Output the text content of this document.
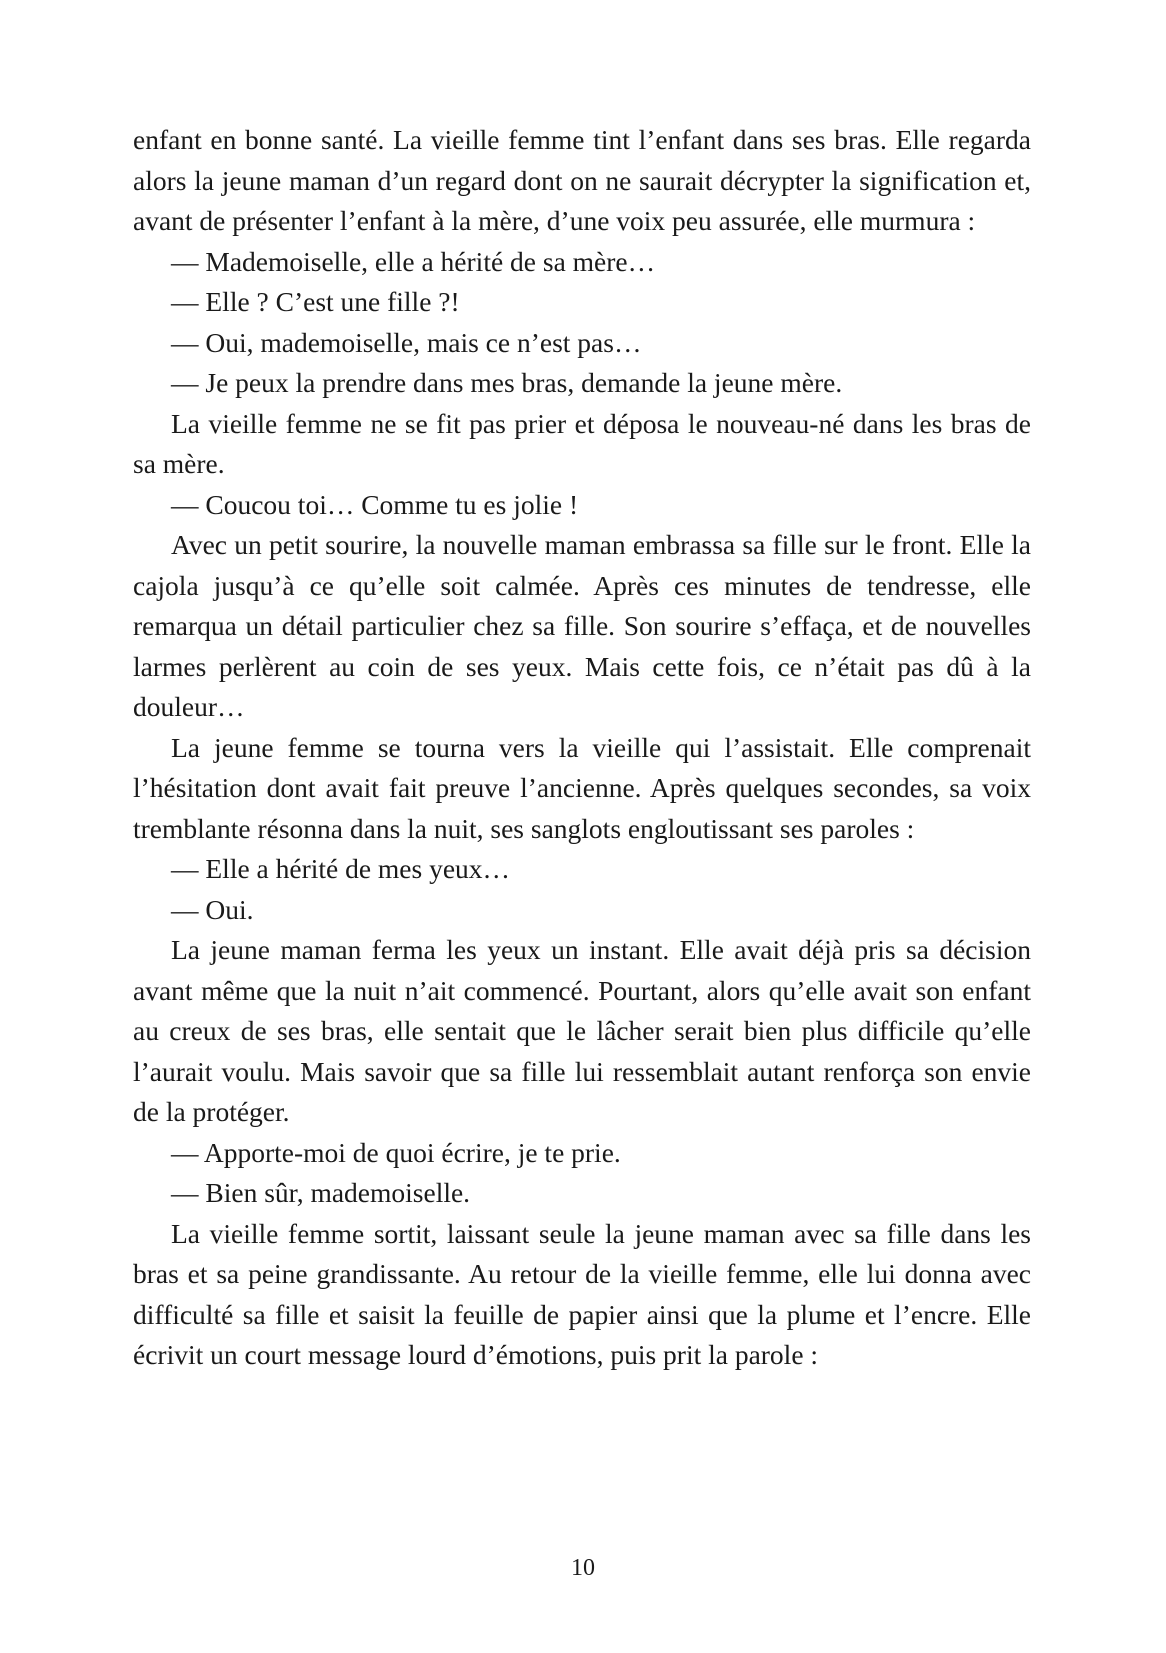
enfant en bonne santé. La vieille femme tint l’enfant dans ses bras. Elle regarda alors la jeune maman d’un regard dont on ne saurait décrypter la signification et, avant de présenter l’enfant à la mère, d’une voix peu assurée, elle murmura :

— Mademoiselle, elle a hérité de sa mère…

— Elle ? C’est une fille ?!

— Oui, mademoiselle, mais ce n’est pas…

— Je peux la prendre dans mes bras, demande la jeune mère.

La vieille femme ne se fit pas prier et déposa le nouveau-né dans les bras de sa mère.

— Coucou toi… Comme tu es jolie !

Avec un petit sourire, la nouvelle maman embrassa sa fille sur le front. Elle la cajola jusqu’à ce qu’elle soit calmée. Après ces minutes de tendresse, elle remarqua un détail particulier chez sa fille. Son sourire s’effaça, et de nouvelles larmes perlèrent au coin de ses yeux. Mais cette fois, ce n’était pas dû à la douleur…

La jeune femme se tourna vers la vieille qui l’assistait. Elle comprenait l’hésitation dont avait fait preuve l’ancienne. Après quelques secondes, sa voix tremblante résonna dans la nuit, ses sanglots engloutissant ses paroles :

— Elle a hérité de mes yeux…

— Oui.

La jeune maman ferma les yeux un instant. Elle avait déjà pris sa décision avant même que la nuit n’ait commencé. Pourtant, alors qu’elle avait son enfant au creux de ses bras, elle sentait que le lâcher serait bien plus difficile qu’elle l’aurait voulu. Mais savoir que sa fille lui ressemblait autant renforça son envie de la protéger.

— Apporte-moi de quoi écrire, je te prie.

— Bien sûr, mademoiselle.

La vieille femme sortit, laissant seule la jeune maman avec sa fille dans les bras et sa peine grandissante. Au retour de la vieille femme, elle lui donna avec difficulté sa fille et saisit la feuille de papier ainsi que la plume et l’encre. Elle écrivit un court message lourd d’émotions, puis prit la parole :

10
